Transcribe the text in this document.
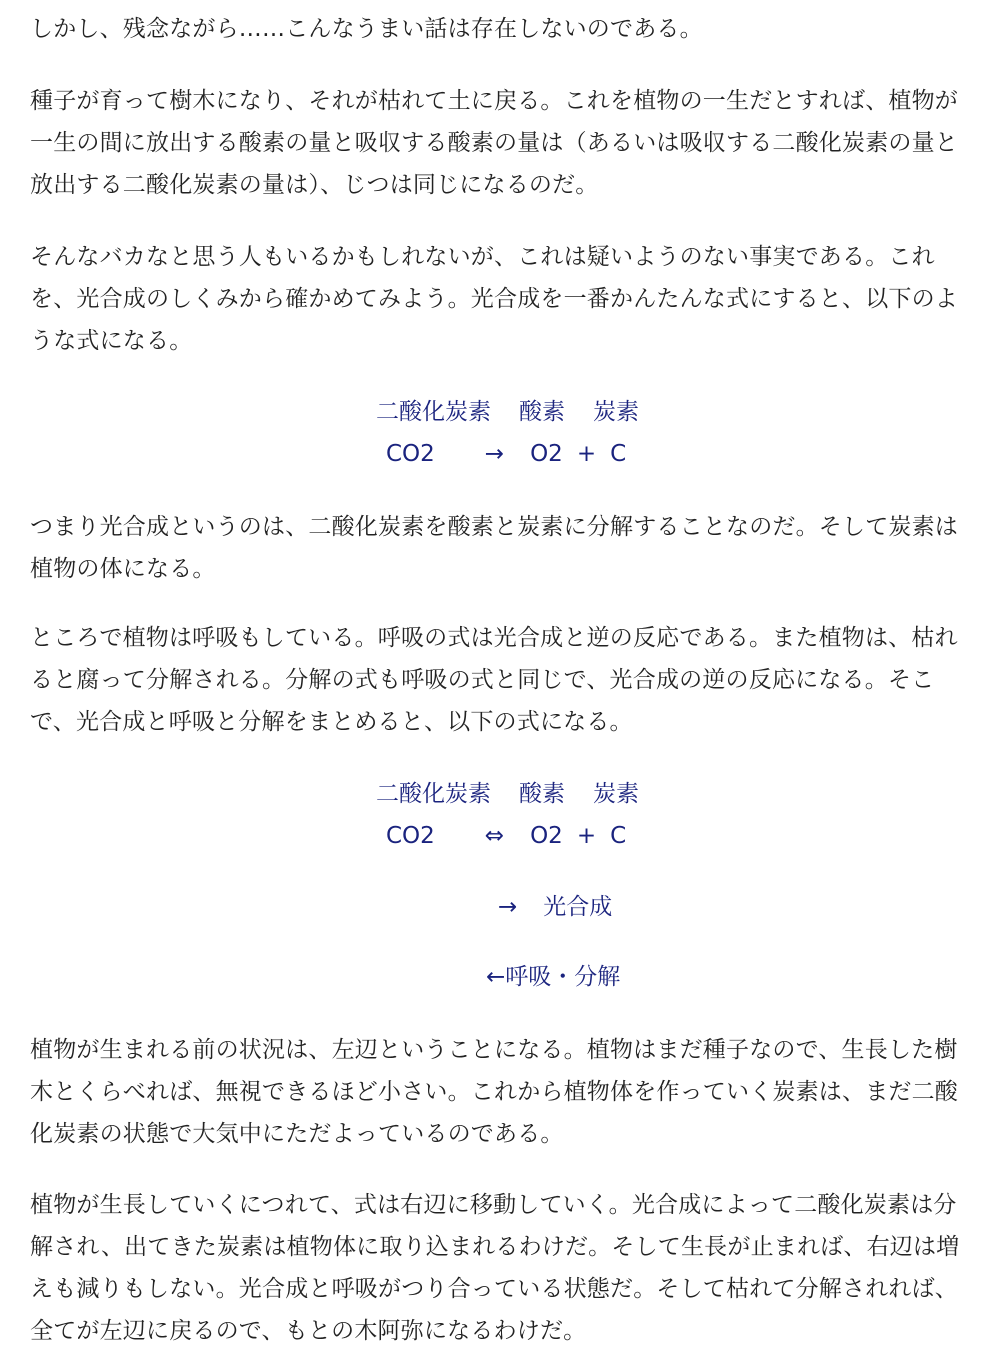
しかし、残念ながら……こんなうまい話は存在しないのである。

種子が育って樹木になり、それが枯れて土に戻る。これを植物の一生だとすれば、植物が一生の間に放出する酸素の量と吸収する酸素の量は（あるいは吸収する二酸化炭素の量と放出する二酸化炭素の量は）、じつは同じになるのだ。

そんなバカなと思う人もいるかもしれないが、これは疑いようのない事実である。これを、光合成のしくみから確かめてみよう。光合成を一番かんたんな式にすると、以下のような式になる。

二酸化炭素 酸素 炭素
CO2 → O2 + C

つまり光合成というのは、二酸化炭素を酸素と炭素に分解することなのだ。そして炭素は植物の体になる。

ところで植物は呼吸もしている。呼吸の式は光合成と逆の反応である。また植物は、枯れると腐って分解される。分解の式も呼吸の式と同じで、光合成の逆の反応になる。そこで、光合成と呼吸と分解をまとめると、以下の式になる。

二酸化炭素 酸素 炭素
CO2 ⇔ O2 + C
→ 光合成
←呼吸・分解

植物が生まれる前の状況は、左辺ということになる。植物はまだ種子なので、生長した樹木とくらべれば、無視できるほど小さい。これから植物体を作っていく炭素は、まだ二酸化炭素の状態で大気中にただよっているのである。

植物が生長していくにつれて、式は右辺に移動していく。光合成によって二酸化炭素は分解され、出てきた炭素は植物体に取り込まれるわけだ。そして生長が止まれば、右辺は増えも減りもしない。光合成と呼吸がつり合っている状態だ。そして枯れて分解されれば、全てが左辺に戻るので、もとの木阿弥になるわけだ。
